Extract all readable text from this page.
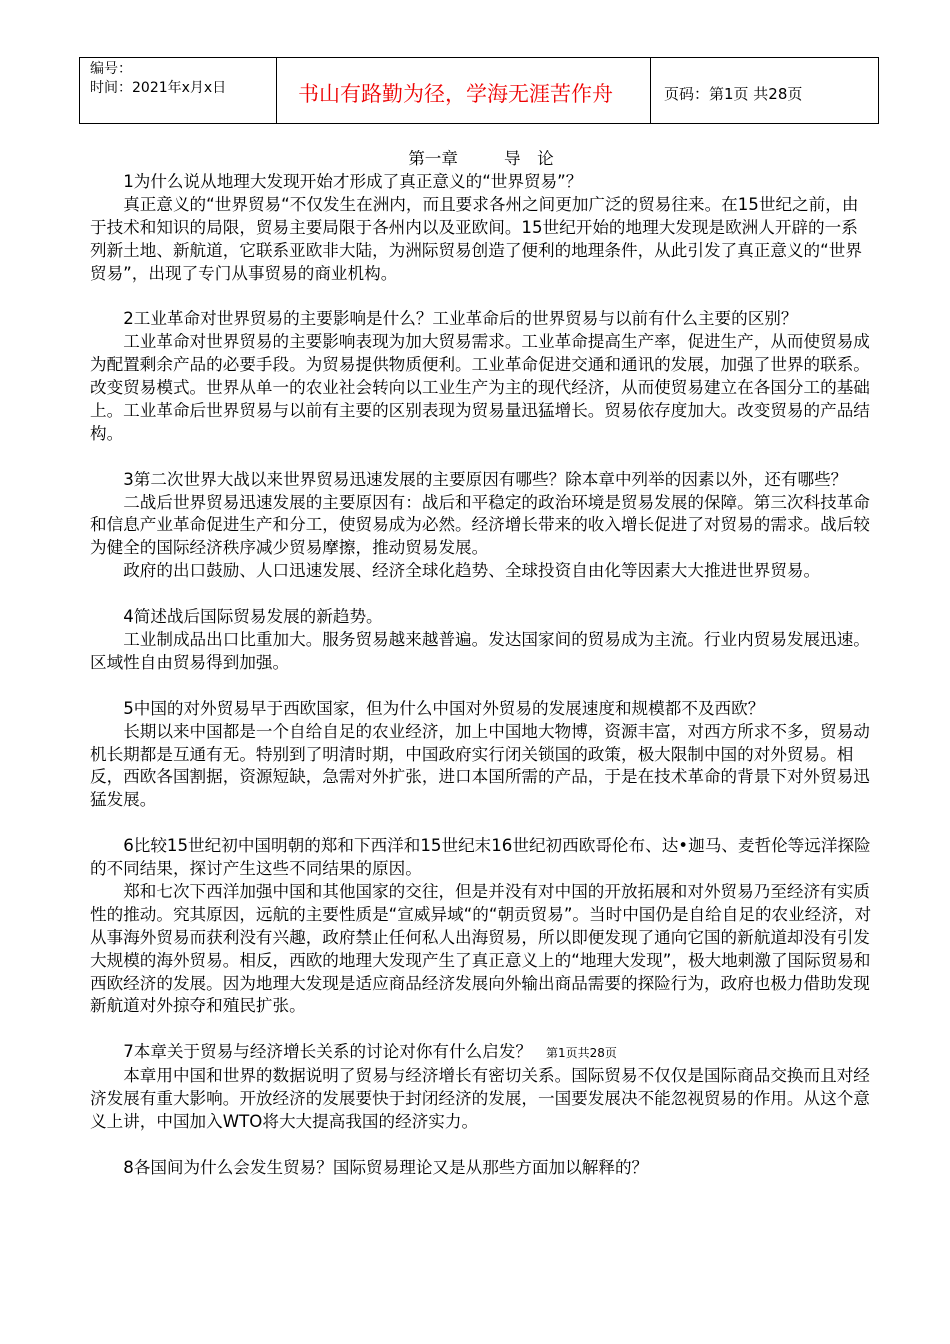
编号：
时间：2021年x月x日	书山有路勤为径，学海无涯苦作舟	页码：第1页 共28页

第一章	导　论

1为什么说从地理大发现开始才形成了真正意义的“世界贸易”？

真正意义的“世界贸易“不仅发生在洲内，而且要求各州之间更加广泛的贸易往来。在15世纪之前，由于技术和知识的局限，贸易主要局限于各州内以及亚欧间。15世纪开始的地理大发现是欧洲人开辟的一系列新土地、新航道，它联系亚欧非大陆，为洲际贸易创造了便利的地理条件，从此引发了真正意义的“世界贸易”，出现了专门从事贸易的商业机构。

2工业革命对世界贸易的主要影响是什么？工业革命后的世界贸易与以前有什么主要的区别？

工业革命对世界贸易的主要影响表现为加大贸易需求。工业革命提高生产率，促进生产，从而使贸易成为配置剩余产品的必要手段。为贸易提供物质便利。工业革命促进交通和通讯的发展，加强了世界的联系。改变贸易模式。世界从单一的农业社会转向以工业生产为主的现代经济，从而使贸易建立在各国分工的基础上。工业革命后世界贸易与以前有主要的区别表现为贸易量迅猛增长。贸易依存度加大。改变贸易的产品结构。

3第二次世界大战以来世界贸易迅速发展的主要原因有哪些？除本章中列举的因素以外，还有哪些？

二战后世界贸易迅速发展的主要原因有：战后和平稳定的政治环境是贸易发展的保障。第三次科技革命和信息产业革命促进生产和分工，使贸易成为必然。经济增长带来的收入增长促进了对贸易的需求。战后较为健全的国际经济秩序减少贸易摩擦，推动贸易发展。

政府的出口鼓励、人口迅速发展、经济全球化趋势、全球投资自由化等因素大大推进世界贸易。

4简述战后国际贸易发展的新趋势。

工业制成品出口比重加大。服务贸易越来越普遍。发达国家间的贸易成为主流。行业内贸易发展迅速。区域性自由贸易得到加强。

5中国的对外贸易早于西欧国家，但为什么中国对外贸易的发展速度和规模都不及西欧？

长期以来中国都是一个自给自足的农业经济，加上中国地大物博，资源丰富，对西方所求不多，贸易动机长期都是互通有无。特别到了明清时期，中国政府实行闭关锁国的政策，极大限制中国的对外贸易。相反，西欧各国割据，资源短缺，急需对外扩张，进口本国所需的产品，于是在技术革命的背景下对外贸易迅猛发展。

6比较15世纪初中国明朝的郑和下西洋和15世纪末16世纪初西欧哥伦布、达•迦马、麦哲伦等远洋探险的不同结果，探讨产生这些不同结果的原因。

郑和七次下西洋加强中国和其他国家的交往，但是并没有对中国的开放拓展和对外贸易乃至经济有实质性的推动。究其原因，远航的主要性质是“宣威异域“的“朝贡贸易”。当时中国仍是自给自足的农业经济，对从事海外贸易而获利没有兴趣，政府禁止任何私人出海贸易，所以即便发现了通向它国的新航道却没有引发大规模的海外贸易。相反，西欧的地理大发现产生了真正意义上的“地理大发现”，极大地刺激了国际贸易和西欧经济的发展。因为地理大发现是适应商品经济发展向外输出商品需要的探险行为，政府也极力借助发现新航道对外掠夺和殖民扩张。

7本章关于贸易与经济增长关系的讨论对你有什么启发？ 第1页共28页

本章用中国和世界的数据说明了贸易与经济增长有密切关系。国际贸易不仅仅是国际商品交换而且对经济发展有重大影响。开放经济的发展要快于封闭经济的发展，一国要发展决不能忽视贸易的作用。从这个意义上讲，中国加入WTO将大大提高我国的经济实力。

8各国间为什么会发生贸易？国际贸易理论又是从那些方面加以解释的？
